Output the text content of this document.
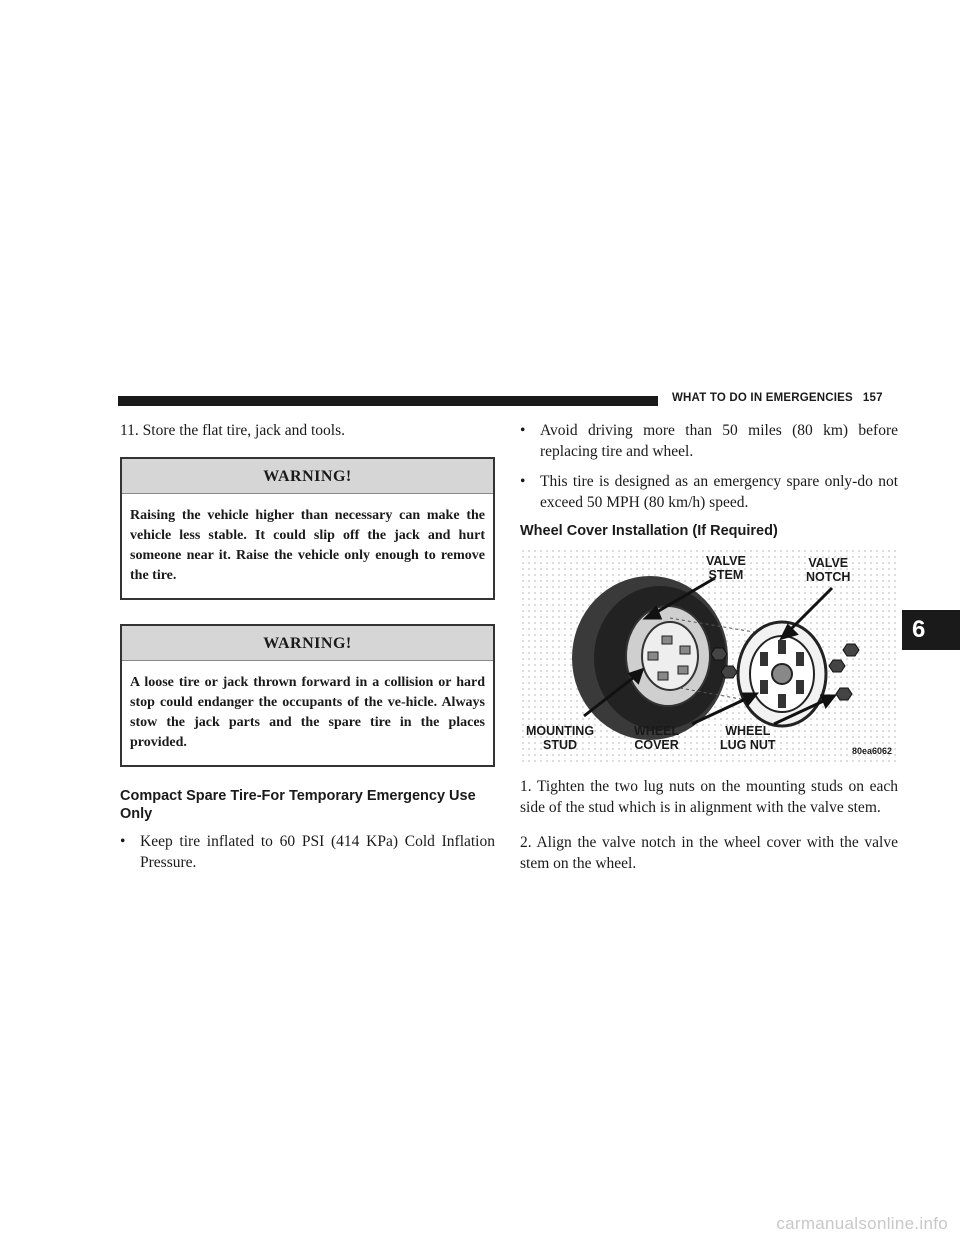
WHAT TO DO IN EMERGENCIES 157

11. Store the flat tire, jack and tools.

WARNING!
Raising the vehicle higher than necessary can make the vehicle less stable. It could slip off the jack and hurt someone near it. Raise the vehicle only enough to remove the tire.
WARNING!
A loose tire or jack thrown forward in a collision or hard stop could endanger the occupants of the ve-hicle. Always stow the jack parts and the spare tire in the places provided.
Compact Spare Tire-For Temporary Emergency Use Only
• Keep tire inflated to 60 PSI (414 KPa) Cold Inflation Pressure.
• Avoid driving more than 50 miles (80 km) before replacing tire and wheel.
• This tire is designed as an emergency spare only-do not exceed 50 MPH (80 km/h) speed.
Wheel Cover Installation (If Required)
VALVE
STEM
VALVE
NOTCH
MOUNTING
STUD
WHEEL
COVER
WHEEL
LUG NUT	80ea6062

1. Tighten the two lug nuts on the mounting studs on each side of the stud which is in alignment with the valve stem.

2. Align the valve notch in the wheel cover with the valve stem on the wheel.

6
carmanualsonline.info
